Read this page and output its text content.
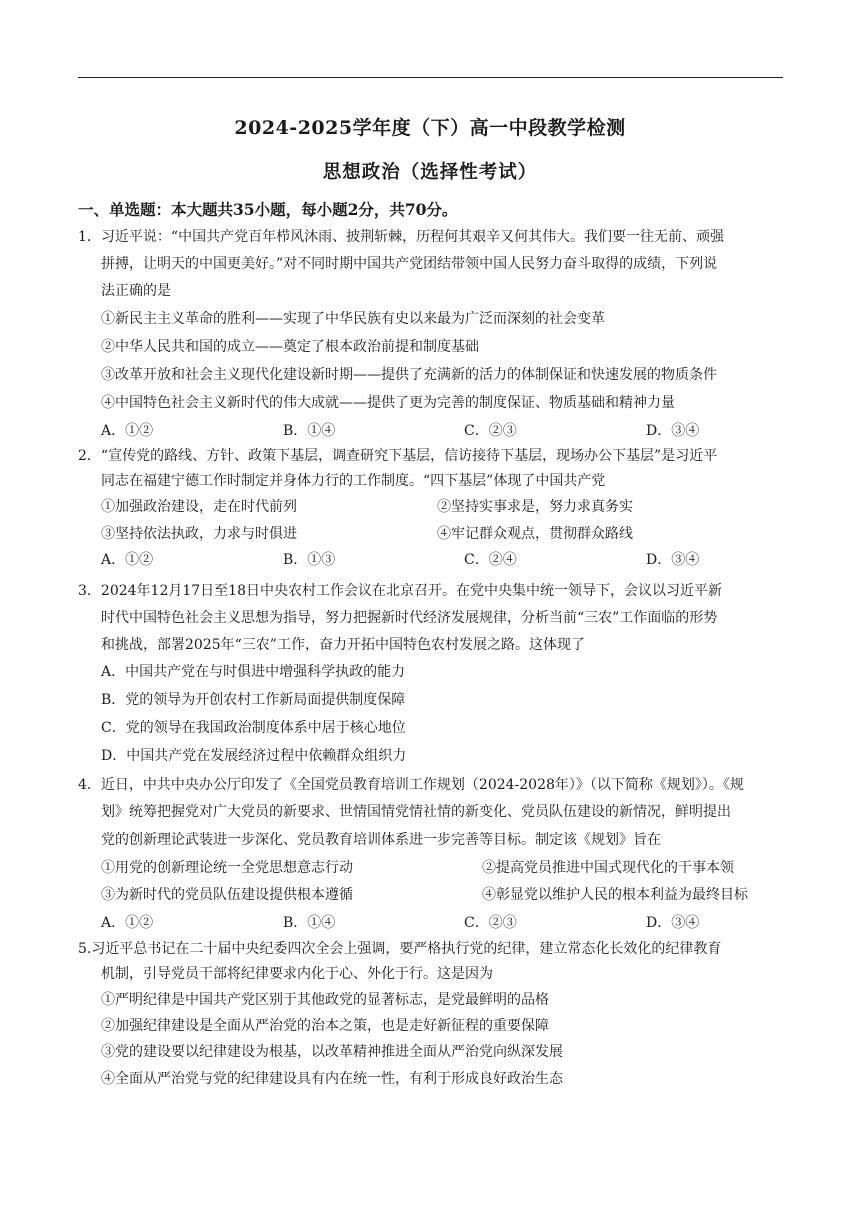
2024-2025学年度（下）高一中段教学检测
思想政治（选择性考试）
一、单选题：本大题共35小题，每小题2分，共70分。
1．习近平说：“中国共产党百年栉风沐雨、披荆斩棘，历程何其艰辛又何其伟大。我们要一往无前、顽强
拼搏，让明天的中国更美好。”对不同时期中国共产党团结带领中国人民努力奋斗取得的成绩，下列说
法正确的是
①新民主主义革命的胜利——实现了中华民族有史以来最为广泛而深刻的社会变革
②中华人民共和国的成立——奠定了根本政治前提和制度基础
③改革开放和社会主义现代化建设新时期——提供了充满新的活力的体制保证和快速发展的物质条件
④中国特色社会主义新时代的伟大成就——提供了更为完善的制度保证、物质基础和精神力量
A．①②	B．①④	C．②③	D．③④
2．“宣传党的路线、方针、政策下基层，调查研究下基层，信访接待下基层，现场办公下基层”是习近平
同志在福建宁德工作时制定并身体力行的工作制度。“四下基层”体现了中国共产党
①加强政治建设，走在时代前列	②坚持实事求是，努力求真务实
③坚持依法执政，力求与时俱进	④牢记群众观点，贯彻群众路线
A．①②	B．①③	C．②④	D．③④
3．2024年12月17日至18日中央农村工作会议在北京召开。在党中央集中统一领导下，会议以习近平新
时代中国特色社会主义思想为指导，努力把握新时代经济发展规律，分析当前“三农”工作面临的形势
和挑战，部署2025年“三农”工作，奋力开拓中国特色农村发展之路。这体现了
A．中国共产党在与时俱进中增强科学执政的能力
B．党的领导为开创农村工作新局面提供制度保障
C．党的领导在我国政治制度体系中居于核心地位
D．中国共产党在发展经济过程中依赖群众组织力
4．近日，中共中央办公厅印发了《全国党员教育培训工作规划（2024-2028年）》（以下简称《规划》）。《规
划》统筹把握党对广大党员的新要求、世情国情党情社情的新变化、党员队伍建设的新情况，鲜明提出
党的创新理论武装进一步深化、党员教育培训体系进一步完善等目标。制定该《规划》旨在
①用党的创新理论统一全党思想意志行动	②提高党员推进中国式现代化的干事本领
③为新时代的党员队伍建设提供根本遵循	④彰显党以维护人民的根本利益为最终目标
A．①②	B．①④	C．②③	D．③④
5.习近平总书记在二十届中央纪委四次全会上强调，要严格执行党的纪律，建立常态化长效化的纪律教育
机制，引导党员干部将纪律要求内化于心、外化于行。这是因为
①严明纪律是中国共产党区别于其他政党的显著标志，是党最鲜明的品格
②加强纪律建设是全面从严治党的治本之策，也是走好新征程的重要保障
③党的建设要以纪律建设为根基，以改革精神推进全面从严治党向纵深发展
④全面从严治党与党的纪律建设具有内在统一性，有利于形成良好政治生态
